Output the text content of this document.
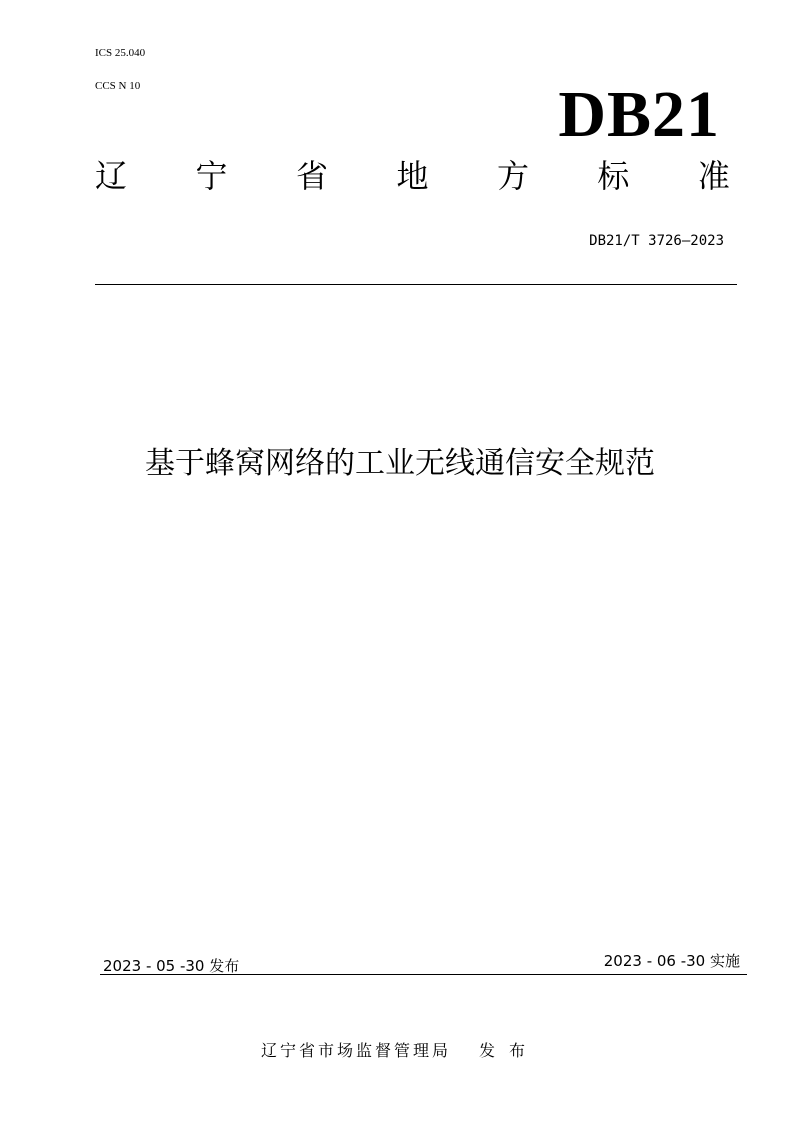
ICS 25.040
CCS N 10	DB21
辽 宁 省 地 方 标 准
DB21/T 3726—2023
基于蜂窝网络的工业无线通信安全规范
2023 - 05 -30 发布	2023 - 06 -30 实施
辽宁省市场监督管理局 发布
